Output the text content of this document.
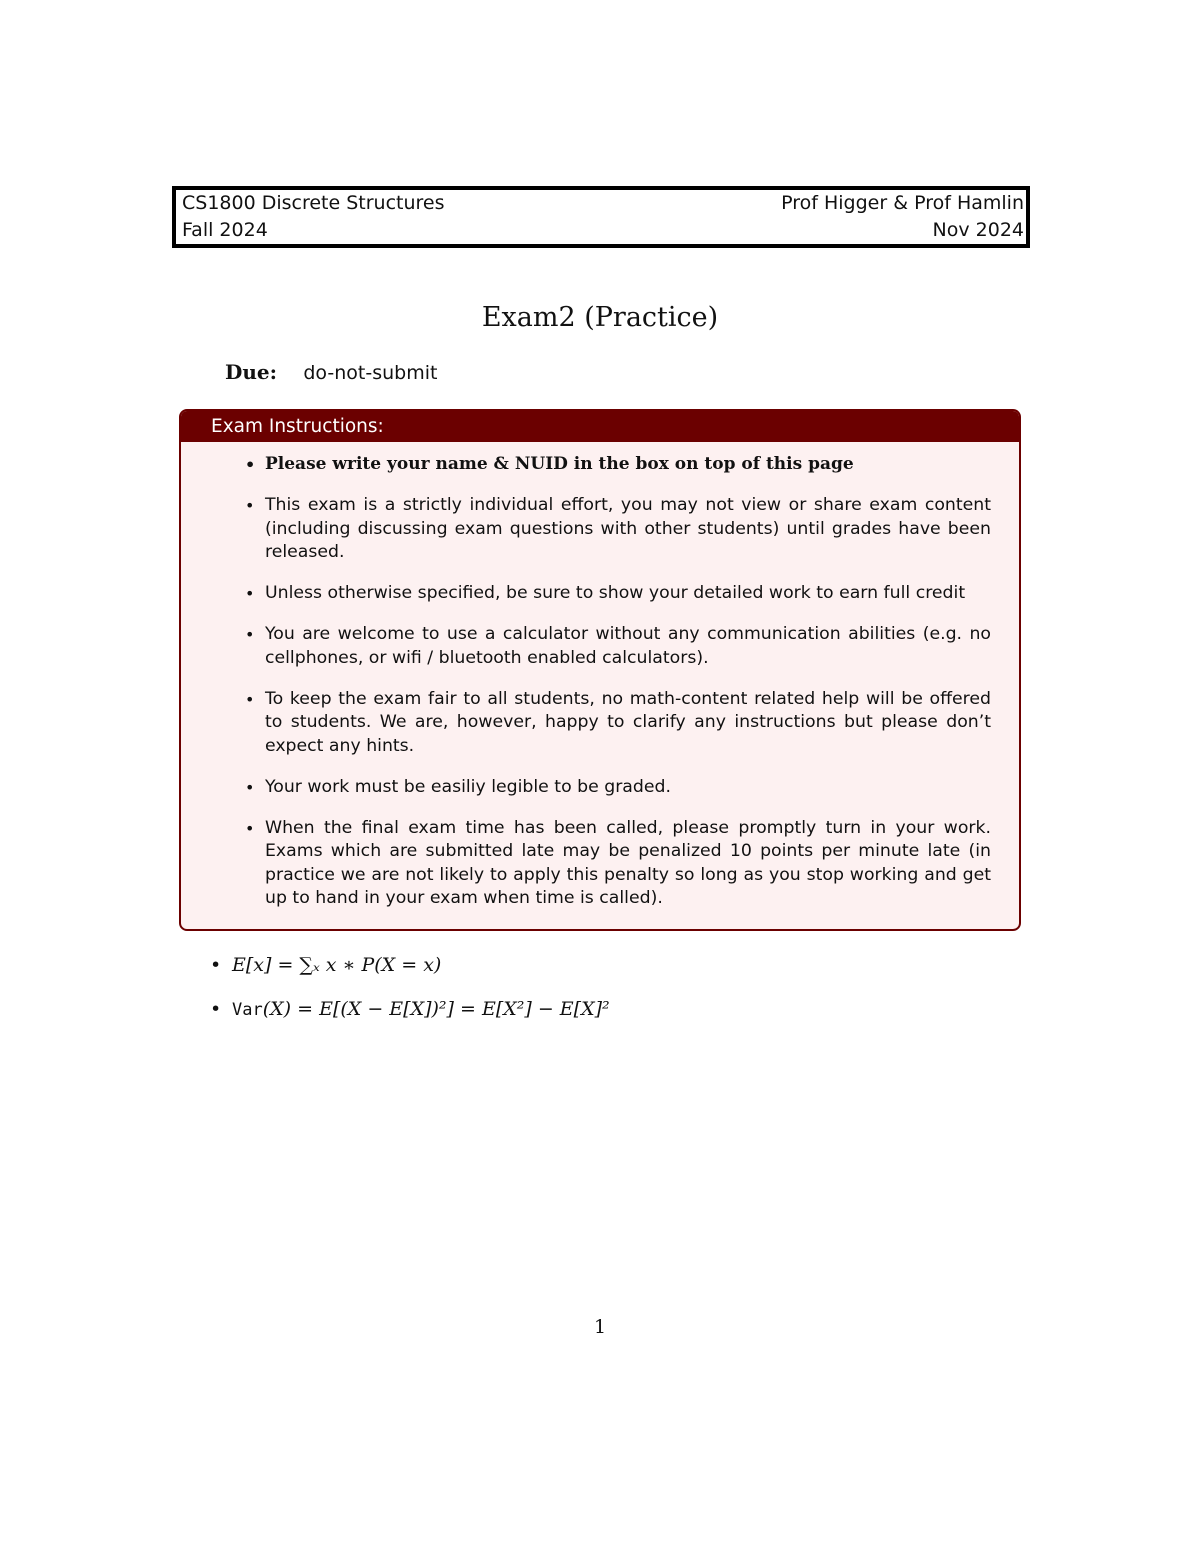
CS1800 Discrete Structures	Prof Higger & Prof Hamlin
Fall 2024	Nov 2024
Exam2 (Practice)
Due: do-not-submit
Exam Instructions:
• Please write your name & NUID in the box on top of this page
• This exam is a strictly individual effort, you may not view or share exam content (including discussing exam questions with other students) until grades have been released.
• Unless otherwise specified, be sure to show your detailed work to earn full credit
• You are welcome to use a calculator without any communication abilities (e.g. no cellphones, or wifi / bluetooth enabled calculators).
• To keep the exam fair to all students, no math-content related help will be offered to students. We are, however, happy to clarify any instructions but please don’t expect any hints.
• Your work must be easiliy legible to be graded.
• When the final exam time has been called, please promptly turn in your work. Exams which are submitted late may be penalized 10 points per minute late (in practice we are not likely to apply this penalty so long as you stop working and get up to hand in your exam when time is called).
• E[x] = ∑ₓ x ∗ P(X = x)
• Var(X) = E[(X − E[X])²] = E[X²] − E[X]²
1
